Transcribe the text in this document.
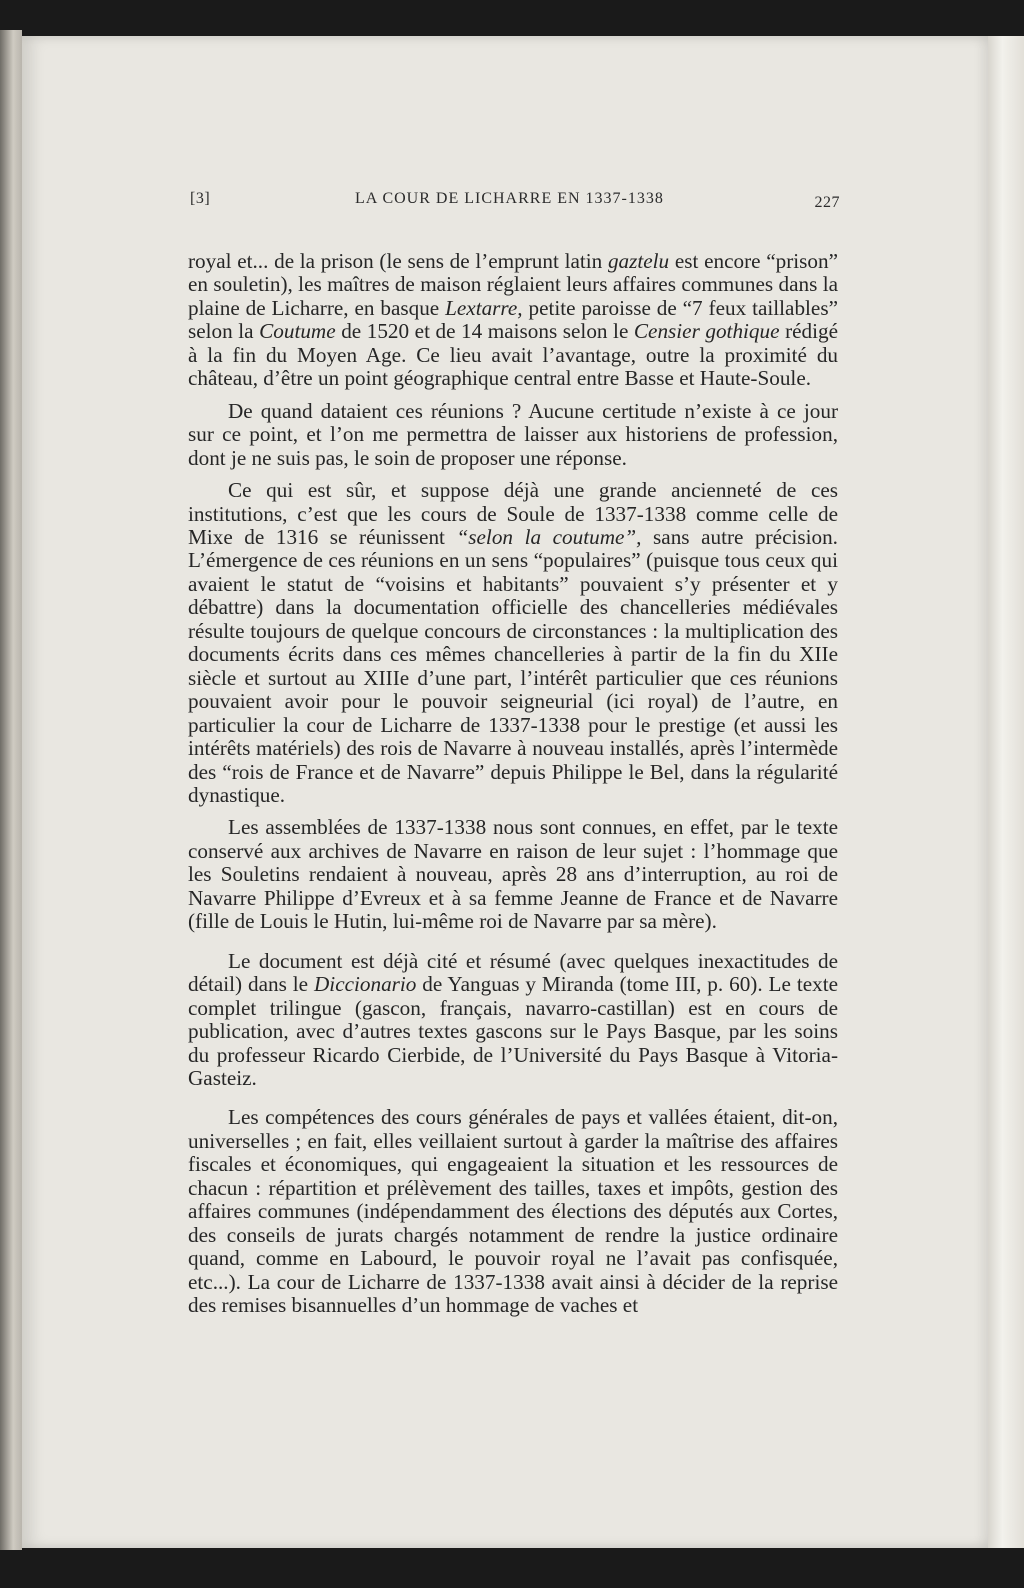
[3]	LA COUR DE LICHARRE EN 1337-1338	227

royal et... de la prison (le sens de l’emprunt latin gaztelu est encore “prison” en souletin), les maîtres de maison réglaient leurs affaires communes dans la plaine de Licharre, en basque Lextarre, petite paroisse de “7 feux taillables” selon la Coutume de 1520 et de 14 maisons selon le Censier gothique rédigé à la fin du Moyen Age. Ce lieu avait l’avantage, outre la proximité du château, d’être un point géographique central entre Basse et Haute-Soule.

De quand dataient ces réunions ? Aucune certitude n’existe à ce jour sur ce point, et l’on me permettra de laisser aux historiens de profession, dont je ne suis pas, le soin de proposer une réponse.

Ce qui est sûr, et suppose déjà une grande ancienneté de ces institutions, c’est que les cours de Soule de 1337-1338 comme celle de Mixe de 1316 se réunissent “selon la coutume”, sans autre précision. L’émergence de ces réunions en un sens “populaires” (puisque tous ceux qui avaient le statut de “voisins et habitants” pouvaient s’y présenter et y débattre) dans la documentation officielle des chancelleries médiévales résulte toujours de quelque concours de circonstances : la multiplication des documents écrits dans ces mêmes chancelleries à partir de la fin du XIIe siècle et surtout au XIIIe d’une part, l’intérêt particulier que ces réunions pouvaient avoir pour le pouvoir seigneurial (ici royal) de l’autre, en particulier la cour de Licharre de 1337-1338 pour le prestige (et aussi les intérêts matériels) des rois de Navarre à nouveau installés, après l’intermède des “rois de France et de Navarre” depuis Philippe le Bel, dans la régularité dynastique.

Les assemblées de 1337-1338 nous sont connues, en effet, par le texte conservé aux archives de Navarre en raison de leur sujet : l’hommage que les Souletins rendaient à nouveau, après 28 ans d’interruption, au roi de Navarre Philippe d’Evreux et à sa femme Jeanne de France et de Navarre (fille de Louis le Hutin, lui-même roi de Navarre par sa mère).

Le document est déjà cité et résumé (avec quelques inexactitudes de détail) dans le Diccionario de Yanguas y Miranda (tome III, p. 60). Le texte complet trilingue (gascon, français, navarro-castillan) est en cours de publication, avec d’autres textes gascons sur le Pays Basque, par les soins du professeur Ricardo Cierbide, de l’Université du Pays Basque à Vitoria-Gasteiz.

Les compétences des cours générales de pays et vallées étaient, dit-on, universelles ; en fait, elles veillaient surtout à garder la maîtrise des affaires fiscales et économiques, qui engageaient la situation et les ressources de chacun : répartition et prélèvement des tailles, taxes et impôts, gestion des affaires communes (indépendamment des élections des députés aux Cortes, des conseils de jurats chargés notamment de rendre la justice ordinaire quand, comme en Labourd, le pouvoir royal ne l’avait pas confisquée, etc...). La cour de Licharre de 1337-1338 avait ainsi à décider de la reprise des remises bisannuelles d’un hommage de vaches et
